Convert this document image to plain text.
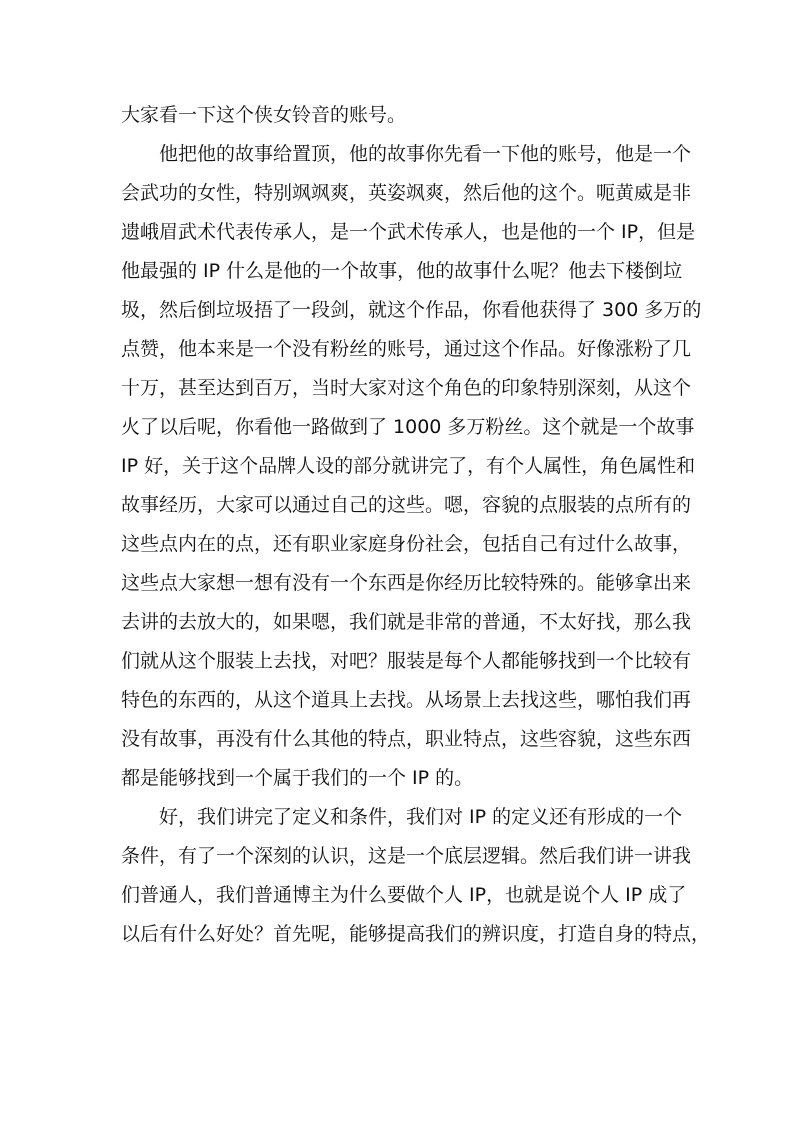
大家看一下这个侠女铃音的账号。
他把他的故事给置顶，他的故事你先看一下他的账号，他是一个
会武功的女性，特别飒飒爽，英姿飒爽，然后他的这个。呃黄威是非
遗峨眉武术代表传承人，是一个武术传承人，也是他的一个 IP，但是
他最强的 IP 什么是他的一个故事，他的故事什么呢？他去下楼倒垃
圾，然后倒垃圾捂了一段剑，就这个作品，你看他获得了 300 多万的
点赞，他本来是一个没有粉丝的账号，通过这个作品。好像涨粉了几
十万，甚至达到百万，当时大家对这个角色的印象特别深刻，从这个
火了以后呢，你看他一路做到了 1000 多万粉丝。这个就是一个故事
IP 好，关于这个品牌人设的部分就讲完了，有个人属性，角色属性和
故事经历，大家可以通过自己的这些。嗯，容貌的点服装的点所有的
这些点内在的点，还有职业家庭身份社会，包括自己有过什么故事，
这些点大家想一想有没有一个东西是你经历比较特殊的。能够拿出来
去讲的去放大的，如果嗯，我们就是非常的普通，不太好找，那么我
们就从这个服装上去找，对吧？服装是每个人都能够找到一个比较有
特色的东西的，从这个道具上去找。从场景上去找这些，哪怕我们再
没有故事，再没有什么其他的特点，职业特点，这些容貌，这些东西
都是能够找到一个属于我们的一个 IP 的。
好，我们讲完了定义和条件，我们对 IP 的定义还有形成的一个
条件，有了一个深刻的认识，这是一个底层逻辑。然后我们讲一讲我
们普通人，我们普通博主为什么要做个人 IP，也就是说个人 IP 成了
以后有什么好处？首先呢，能够提高我们的辨识度，打造自身的特点，
